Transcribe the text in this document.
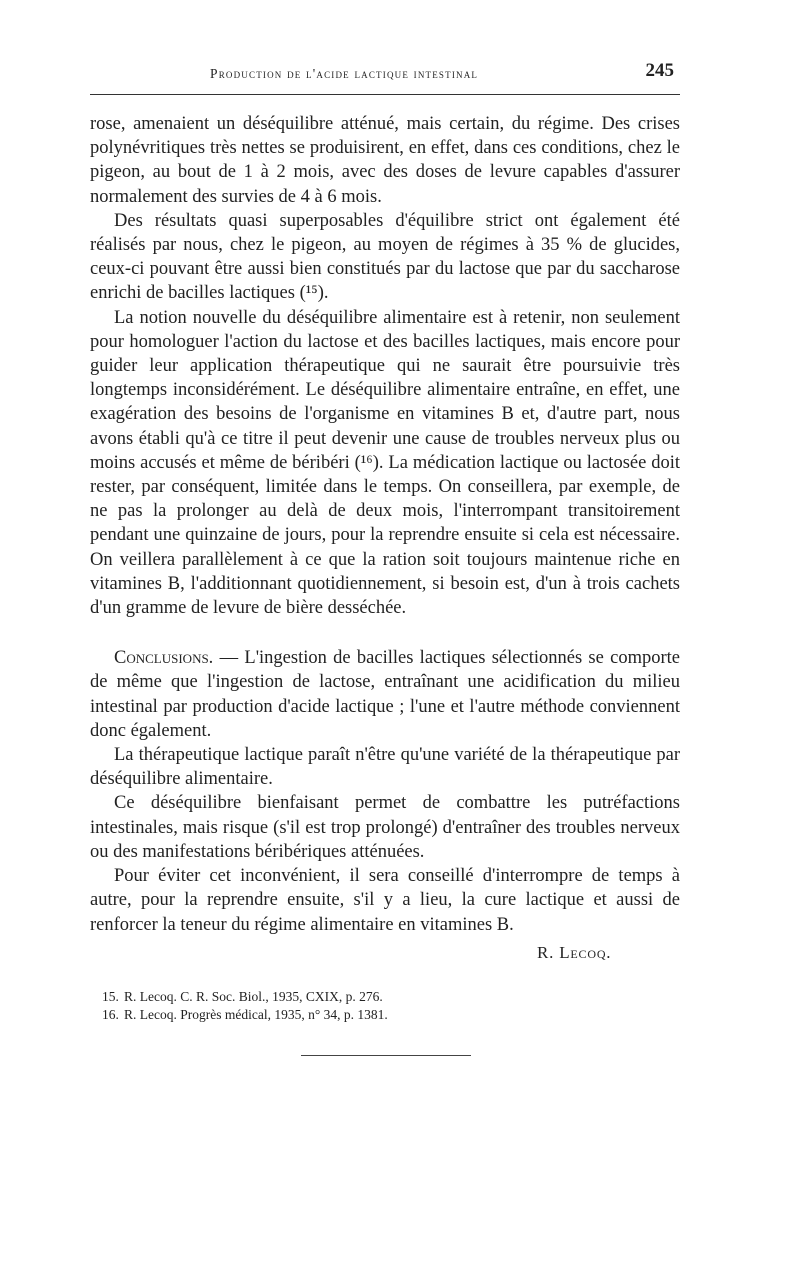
Production de l'acide lactique intestinal	245

rose, amenaient un déséquilibre atténué, mais certain, du régime. Des crises polynévritiques très nettes se produisirent, en effet, dans ces conditions, chez le pigeon, au bout de 1 à 2 mois, avec des doses de levure capables d'assurer normalement des survies de 4 à 6 mois.

Des résultats quasi superposables d'équilibre strict ont également été réalisés par nous, chez le pigeon, au moyen de régimes à 35 % de glucides, ceux-ci pouvant être aussi bien constitués par du lactose que par du saccharose enrichi de bacilles lactiques (¹⁵).

La notion nouvelle du déséquilibre alimentaire est à retenir, non seulement pour homologuer l'action du lactose et des bacilles lactiques, mais encore pour guider leur application thérapeutique qui ne saurait être poursuivie très longtemps inconsidérément. Le déséquilibre alimentaire entraîne, en effet, une exagération des besoins de l'organisme en vitamines B et, d'autre part, nous avons établi qu'à ce titre il peut devenir une cause de troubles nerveux plus ou moins accusés et même de béribéri (¹⁶). La médication lactique ou lactosée doit rester, par conséquent, limitée dans le temps. On conseillera, par exemple, de ne pas la prolonger au delà de deux mois, l'interrompant transitoirement pendant une quinzaine de jours, pour la reprendre ensuite si cela est nécessaire. On veillera parallèlement à ce que la ration soit toujours maintenue riche en vitamines B, l'additionnant quotidiennement, si besoin est, d'un à trois cachets d'un gramme de levure de bière desséchée.

Conclusions. — L'ingestion de bacilles lactiques sélectionnés se comporte de même que l'ingestion de lactose, entraînant une acidification du milieu intestinal par production d'acide lactique ; l'une et l'autre méthode conviennent donc également.

La thérapeutique lactique paraît n'être qu'une variété de la thérapeutique par déséquilibre alimentaire.

Ce déséquilibre bienfaisant permet de combattre les putréfactions intestinales, mais risque (s'il est trop prolongé) d'entraîner des troubles nerveux ou des manifestations béribériques atténuées.

Pour éviter cet inconvénient, il sera conseillé d'interrompre de temps à autre, pour la reprendre ensuite, s'il y a lieu, la cure lactique et aussi de renforcer la teneur du régime alimentaire en vitamines B.

R. Lecoq.
15. R. Lecoq. C. R. Soc. Biol., 1935, CXIX, p. 276.
16. R. Lecoq. Progrès médical, 1935, n° 34, p. 1381.
